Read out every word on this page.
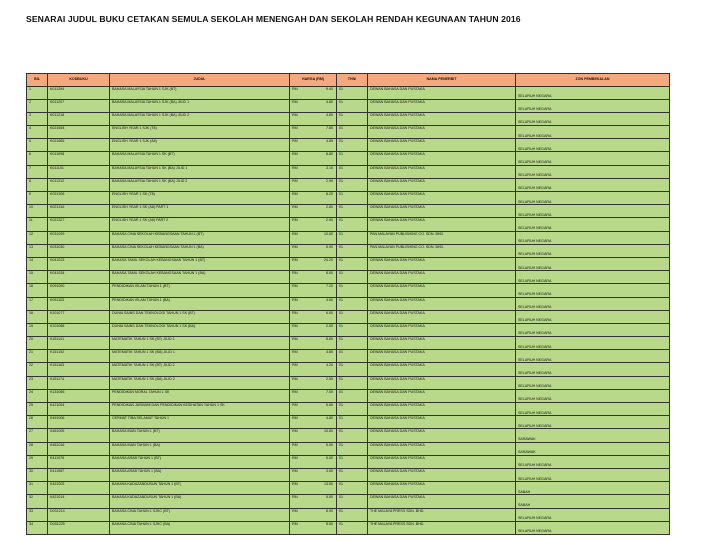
SENARAI JUDUL BUKU CETAKAN SEMULA SEKOLAH MENENGAH DAN SEKOLAH RENDAH KEGUNAAN TAHUN 2016
BIL	KODBUKU	JUDUL	HARGA (RM)	THN/	NAMA PENERBIT	ZON PEMBEKALAN
1	K011394	BAHASA MALAYSIA TAHUN 1 SJK (BT)	RM 9.40	01	DEWAN BAHASA DAN PUSTAKA	SELURUH NEGARA
2	K011207	BAHASA MALAYSIA TAHUN 1 SJK (BA) JILID 1	RM 4.80	01	DEWAN BAHASA DAN PUSTAKA	SELURUH NEGARA
3	K011218	BAHASA MALAYSIA TAHUN 1 SJK (BA) JILID 2	RM 4.80	01	DEWAN BAHASA DAN PUSTAKA	SELURUH NEGARA
4	K021654	ENGLISH YEAR 1 SJK (T8)	RM 7.80	01	DEWAN BAHASA DAN PUSTAKA	SELURUH NEGARA
5	K021665	ENGLISH YEAR 1 SJK (A8)	RM 4.85	01	DEWAN BAHASA DAN PUSTAKA	SELURUH NEGARA
6	K011098	BAHASA MALAYSIA TAHUN 1 SK (BT)	RM 8.80	01	DEWAN BAHASA DAN PUSTAKA	SELURUH NEGARA
7	K011101	BAHASA MALAYSIA TAHUN 1 SK (BA) JILID 1	RM 3.10	01	DEWAN BAHASA DAN PUSTAKA	SELURUH NEGARA
8	K011312	BAHASA MALAYSIA TAHUN 1 SK (BA) JILID 2	RM 2.90	01	DEWAN BAHASA DAN PUSTAKA	SELURUH NEGARA
9	K021305	ENGLISH YEAR 1 SK (T8)	RM 8.20	01	DEWAN BAHASA DAN PUSTAKA	SELURUH NEGARA
10	K021316	ENGLISH YEAR 1 SK (A8) PART 1	RM 2.80	01	DEWAN BAHASA DAN PUSTAKA	SELURUH NEGARA
11	K021327	ENGLISH YEAR 1 SK (A8) PART 2	RM 2.90	01	DEWAN BAHASA DAN PUSTAKA	SELURUH NEGARA
12	K031029	BAHASA CINA SEKOLAH KEBANGSAAN TAHUN 1 (BT)	RM 10.60	01	PAN MALAYAN PUBLISHING CO. SDN. BHD.	SELURUH NEGARA
13	K031030	BAHASA CINA SEKOLAH KEBANGSAAN TAHUN 1 (BA)	RM 5.90	01	PAN MALAYAN PUBLISHING CO. SDN. BHD.	SELURUH NEGARA
14	K041023	BAHASA TAMIL SEKOLAH KEBANGSAAN TAHUN 1 (BT)	RM 24.20	01	DEWAN BAHASA DAN PUSTAKA	SELURUH NEGARA
15	K041034	BAHASA TAMIL SEKOLAH KEBANGSAAN TAHUN 1 (BA)	RM 8.00	01	DEWAN BAHASA DAN PUSTAKA	SELURUH NEGARA
16	K091090	PENDIDIKAN ISLAM TAHUN 1 (BT)	RM 7.20	01	DEWAN BAHASA DAN PUSTAKA	SELURUH NEGARA
17	K091103	PENDIDIKAN ISLAM TAHUN 1 (BA)	RM 4.60	01	DEWAN BAHASA DAN PUSTAKA	SELURUH NEGARA
18	K101077	DUNIA SAINS DAN TEKNOLOGI TAHUN 1 SK (BT)	RM 6.00	01	DEWAN BAHASA DAN PUSTAKA	SELURUH NEGARA
19	K101088	DUNIA SAINS DAN TEKNOLOGI TAHUN 1 SK (BA)	RM 2.50	01	DEWAN BAHASA DAN PUSTAKA	SELURUH NEGARA
20	K151141	MATEMATIK TAHUN 1 SK (BT) JILID 1	RM 5.80	01	DEWAN BAHASA DAN PUSTAKA	SELURUH NEGARA
21	K151152	MATEMATIK TAHUN 1 SK (BA) JILID 1	RM 4.80	01	DEWAN BAHASA DAN PUSTAKA	SELURUH NEGARA
22	K151163	MATEMATIK TAHUN 1 SK (BT) JILID 2	RM 4.20	01	DEWAN BAHASA DAN PUSTAKA	SELURUH NEGARA
23	K151174	MATEMATIK TAHUN 1 SK (BA) JILID 2	RM 2.50	01	DEWAN BAHASA DAN PUSTAKA	SELURUH NEGARA
24	K131066	PENDIDIKAN MORAL TAHUN 1 SK	RM 7.00	01	DEWAN BAHASA DAN PUSTAKA	SELURUH NEGARA
25	K421054	PENDIDIKAN JASMANI DAN PENDIDIKAN KESIHATAN TAHUN 1 SK	RM 5.60	01	DEWAN BAHASA DAN PUSTAKA	SELURUH NEGARA
26	K491006	CERMAT TIBA SELAMAT TAHUN 1	RM 4.80	01	DEWAN BAHASA DAN PUSTAKA	SELURUH NEGARA
27	K461005	BAHASA IBAN TAHUN 1 (BT)	RM 10.80	01	DEWAN BAHASA DAN PUSTAKA	SARAWAK
28	K461016	BAHASA IBAN TAHUN 1 (BA)	RM 5.00	01	DEWAN BAHASA DAN PUSTAKA	SARAWAK
29	K411076	BAHASA ARAB TAHUN 1 (BT)	RM 5.00	01	DEWAN BAHASA DAN PUSTAKA	SELURUH NEGARA
30	K411087	BAHASA ARAB TAHUN 1 (BA)	RM 3.60	01	DEWAN BAHASA DAN PUSTAKA	SELURUH NEGARA
31	K421003	BAHASA KADAZANDUSUN TAHUN 1 (BT)	RM 13.00	01	DEWAN BAHASA DAN PUSTAKA	SABAH
32	K421014	BAHASA KADAZANDUSUN TAHUN 1 (BA)	RM 5.50	01	DEWAN BAHASA DAN PUSTAKA	SABAH
33	D031214	BAHASA CINA TAHUN 1 SJKC (BT)	RM 8.90	01	THE MALAYA PRESS SDN. BHD.	SELURUH NEGARA
34	D031225	BAHASA CINA TAHUN 1 SJKC (BA)	RM 5.50	01	THE MALAYA PRESS SDN. BHD.	SELURUH NEGARA
